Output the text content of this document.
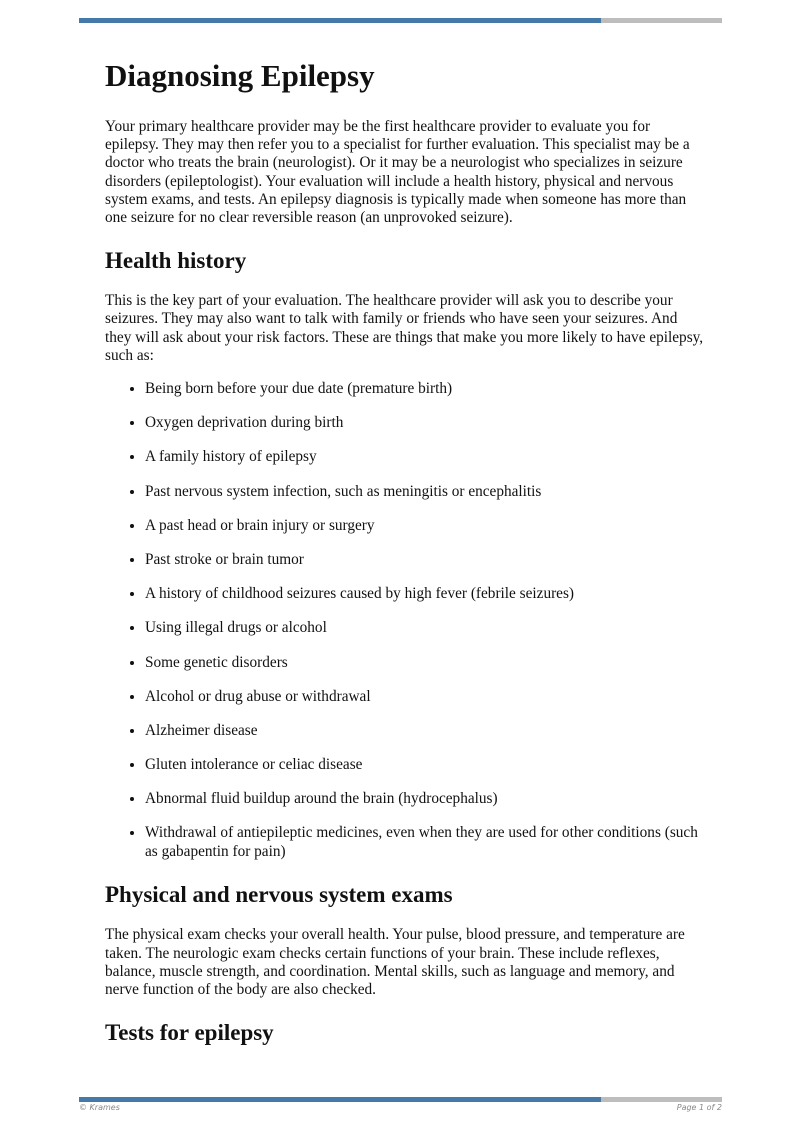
Diagnosing Epilepsy

Your primary healthcare provider may be the first healthcare provider to evaluate you for epilepsy. They may then refer you to a specialist for further evaluation. This specialist may be a doctor who treats the brain (neurologist). Or it may be a neurologist who specializes in seizure disorders (epileptologist). Your evaluation will include a health history, physical and nervous system exams, and tests. An epilepsy diagnosis is typically made when someone has more than one seizure for no clear reversible reason (an unprovoked seizure).

Health history

This is the key part of your evaluation. The healthcare provider will ask you to describe your seizures. They may also want to talk with family or friends who have seen your seizures. And they will ask about your risk factors. These are things that make you more likely to have epilepsy, such as:

• Being born before your due date (premature birth)
• Oxygen deprivation during birth
• A family history of epilepsy
• Past nervous system infection, such as meningitis or encephalitis
• A past head or brain injury or surgery
• Past stroke or brain tumor
• A history of childhood seizures caused by high fever (febrile seizures)
• Using illegal drugs or alcohol
• Some genetic disorders
• Alcohol or drug abuse or withdrawal
• Alzheimer disease
• Gluten intolerance or celiac disease
• Abnormal fluid buildup around the brain (hydrocephalus)
• Withdrawal of antiepileptic medicines, even when they are used for other conditions (such as gabapentin for pain)
Physical and nervous system exams

The physical exam checks your overall health. Your pulse, blood pressure, and temperature are taken. The neurologic exam checks certain functions of your brain. These include reflexes, balance, muscle strength, and coordination. Mental skills, such as language and memory, and nerve function of the body are also checked.

Tests for epilepsy
© Krames	Page 1 of 2
